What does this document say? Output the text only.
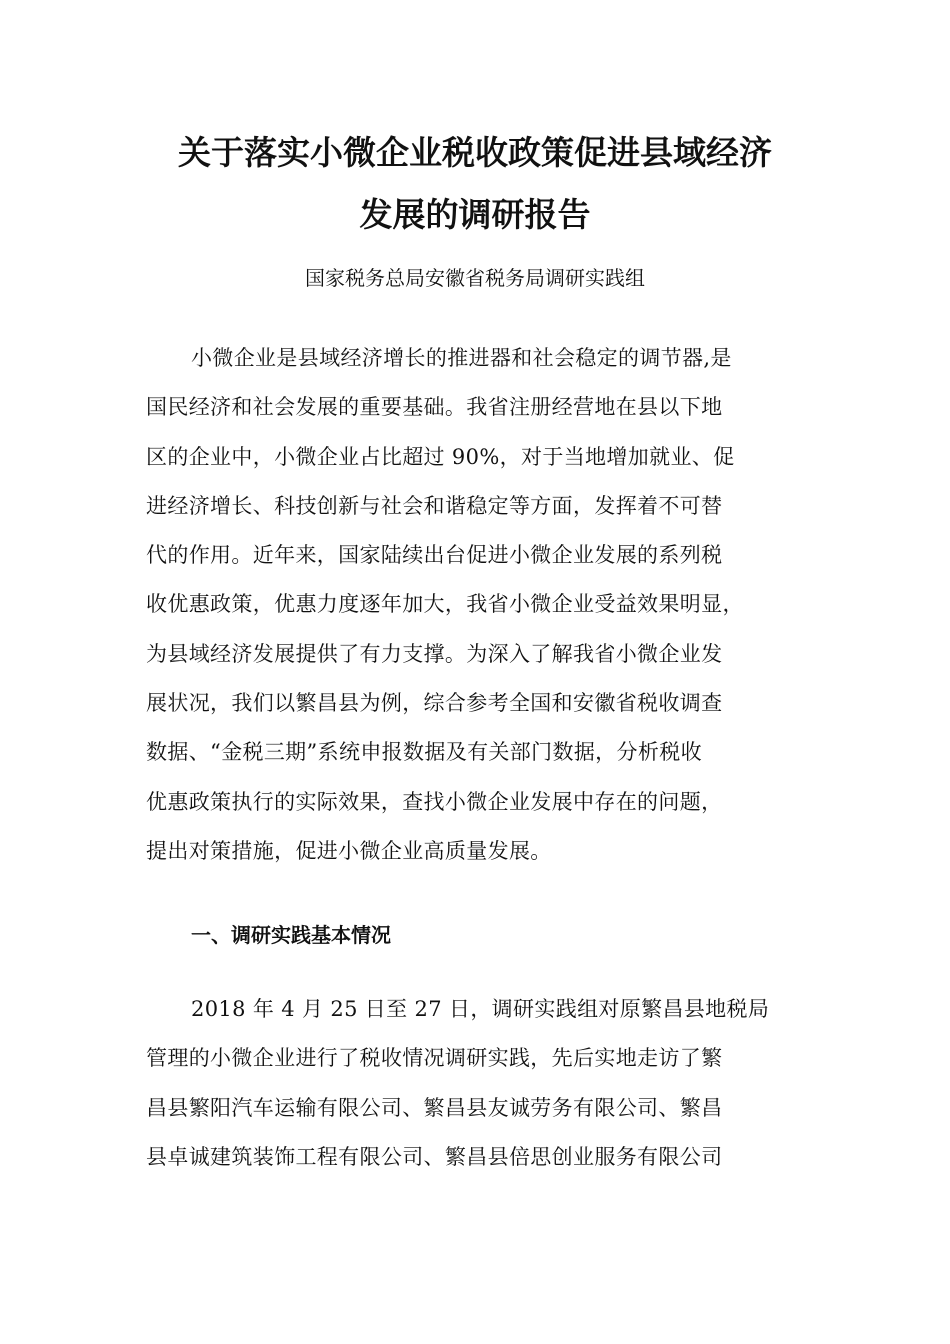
关于落实小微企业税收政策促进县域经济
发展的调研报告

国家税务总局安徽省税务局调研实践组

小微企业是县域经济增长的推进器和社会稳定的调节器,是
国民经济和社会发展的重要基础。我省注册经营地在县以下地
区的企业中，小微企业占比超过 90%，对于当地增加就业、促
进经济增长、科技创新与社会和谐稳定等方面，发挥着不可替
代的作用。近年来，国家陆续出台促进小微企业发展的系列税
收优惠政策，优惠力度逐年加大，我省小微企业受益效果明显，
为县域经济发展提供了有力支撑。为深入了解我省小微企业发
展状况，我们以繁昌县为例，综合参考全国和安徽省税收调查
数据、“金税三期”系统申报数据及有关部门数据，分析税收
优惠政策执行的实际效果，查找小微企业发展中存在的问题，
提出对策措施，促进小微企业高质量发展。
一、调研实践基本情况
2018 年 4 月 25 日至 27 日，调研实践组对原繁昌县地税局
管理的小微企业进行了税收情况调研实践，先后实地走访了繁
昌县繁阳汽车运输有限公司、繁昌县友诚劳务有限公司、繁昌
县卓诚建筑装饰工程有限公司、繁昌县倍思创业服务有限公司
